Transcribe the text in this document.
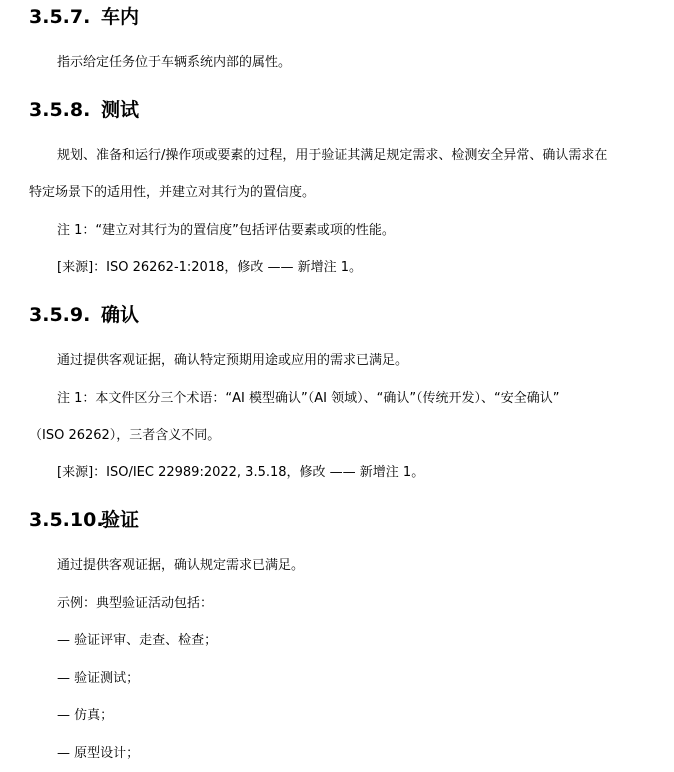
3.5.7. 车内
指示给定任务位于车辆系统内部的属性。
3.5.8. 测试
规划、准备和运行/操作项或要素的过程，用于验证其满足规定需求、检测安全异常、确认需求在
特定场景下的适用性，并建立对其行为的置信度。
注 1：“建立对其行为的置信度”包括评估要素或项的性能。
[来源]：ISO 26262-1:2018，修改 —— 新增注 1。
3.5.9. 确认
通过提供客观证据，确认特定预期用途或应用的需求已满足。
注 1：本文件区分三个术语：“AI 模型确认”（AI 领域）、“确认”（传统开发）、“安全确认”
（ISO 26262），三者含义不同。
[来源]：ISO/IEC 22989:2022, 3.5.18，修改 —— 新增注 1。
3.5.10.验证
通过提供客观证据，确认规定需求已满足。
示例：典型验证活动包括：
— 验证评审、走查、检查；
— 验证测试；
— 仿真；
— 原型设计；
